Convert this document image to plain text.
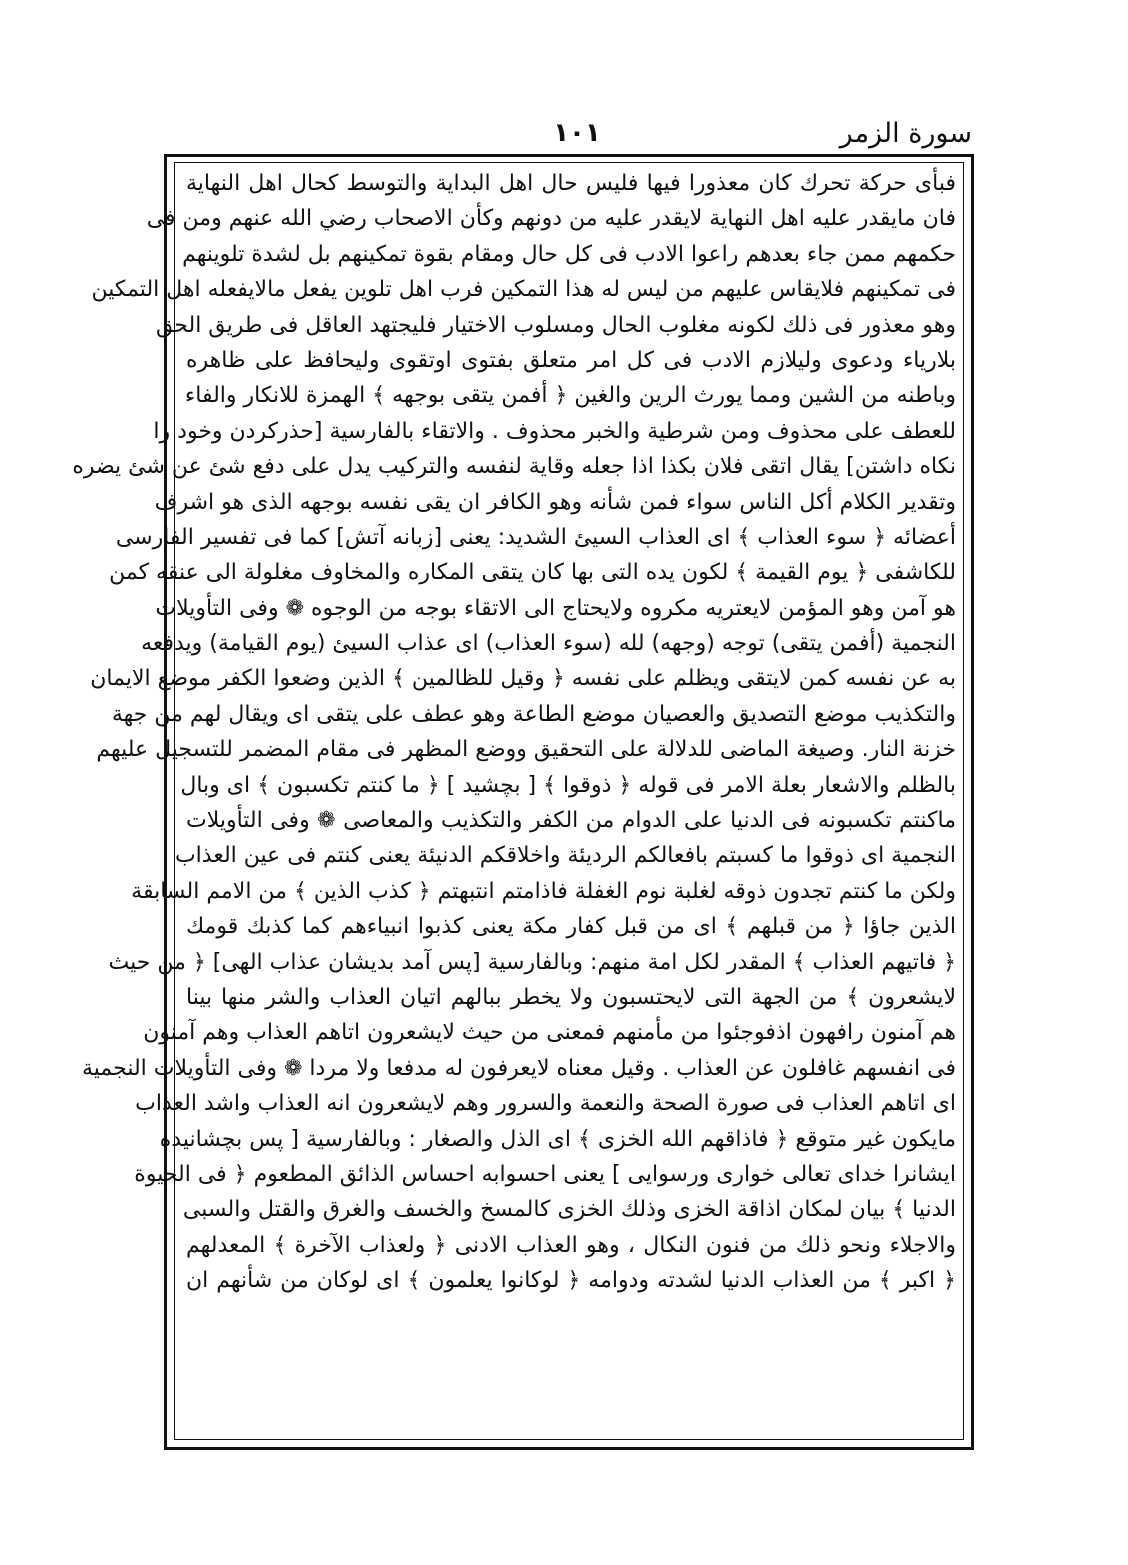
١٠١	سورة الزمر
فبأى حركة تحرك كان معذورا فيها فليس حال اهل البداية والتوسط كحال اهل النهاية
فان مايقدر عليه اهل النهاية لايقدر عليه من دونهم وكأن الاصحاب رضي الله عنهم ومن فى
حكمهم ممن جاء بعدهم راعوا الادب فى كل حال ومقام بقوة تمكينهم بل لشدة تلوينهم
فى تمكينهم فلايقاس عليهم من ليس له هذا التمكين فرب اهل تلوين يفعل مالايفعله اهل التمكين
وهو معذور فى ذلك لكونه مغلوب الحال ومسلوب الاختيار فليجتهد العاقل فى طريق الحق
بلارياء ودعوى وليلازم الادب فى كل امر متعلق بفتوى اوتقوى وليحافظ على ظاهره
وباطنه من الشين ومما يورث الرين والغين ﴿ أفمن يتقى بوجهه ﴾ الهمزة للانكار والفاء
للعطف على محذوف ومن شرطية والخبر محذوف . والاتقاء بالفارسية [حذركردن وخود را
نكاه داشتن] يقال اتقى فلان بكذا اذا جعله وقاية لنفسه والتركيب يدل على دفع شئ عن شئ يضره
وتقدير الكلام أكل الناس سواء فمن شأنه وهو الكافر ان يقى نفسه بوجهه الذى هو اشرف
أعضائه ﴿ سوء العذاب ﴾ اى العذاب السيئ الشديد: يعنى [زبانه آتش] كما فى تفسير الفارسى
للكاشفى ﴿ يوم القيمة ﴾ لكون يده التى بها كان يتقى المكاره والمخاوف مغلولة الى عنقه كمن
هو آمن وهو المؤمن لايعتريه مكروه ولايحتاج الى الاتقاء بوجه من الوجوه ❁ وفى التأويلات
النجمية (أفمن يتقى) توجه (وجهه) لله (سوء العذاب) اى عذاب السيئ (يوم القيامة) ويدفعه
به عن نفسه كمن لايتقى ويظلم على نفسه ﴿ وقيل للظالمين ﴾ الذين وضعوا الكفر موضع الايمان
والتكذيب موضع التصديق والعصيان موضع الطاعة وهو عطف على يتقى اى ويقال لهم من جهة
خزنة النار. وصيغة الماضى للدلالة على التحقيق ووضع المظهر فى مقام المضمر للتسجيل عليهم
بالظلم والاشعار بعلة الامر فى قوله ﴿ ذوقوا ﴾ [ بچشيد ] ﴿ ما كنتم تكسبون ﴾ اى وبال
ماكنتم تكسبونه فى الدنيا على الدوام من الكفر والتكذيب والمعاصى ❁ وفى التأويلات
النجمية اى ذوقوا ما كسبتم بافعالكم الرديئة واخلاقكم الدنيئة يعنى كنتم فى عين العذاب
ولكن ما كنتم تجدون ذوقه لغلبة نوم الغفلة فاذامتم انتبهتم ﴿ كذب الذين ﴾ من الامم السابقة
الذين جاؤا ﴿ من قبلهم ﴾ اى من قبل كفار مكة يعنى كذبوا انبياءهم كما كذبك قومك
﴿ فاتيهم العذاب ﴾ المقدر لكل امة منهم: وبالفارسية [پس آمد بديشان عذاب الهى] ﴿ من حيث
لايشعرون ﴾ من الجهة التى لايحتسبون ولا يخطر ببالهم اتيان العذاب والشر منها بينا
هم آمنون رافهون اذفوجئوا من مأمنهم فمعنى من حيث لايشعرون اتاهم العذاب وهم آمنون
فى انفسهم غافلون عن العذاب . وقيل معناه لايعرفون له مدفعا ولا مردا ❁ وفى التأويلات النجمية
اى اتاهم العذاب فى صورة الصحة والنعمة والسرور وهم لايشعرون انه العذاب واشد العذاب
مايكون غير متوقع ﴿ فاذاقهم الله الخزى ﴾ اى الذل والصغار : وبالفارسية [ پس بچشانيده
ايشانرا خداى تعالى خوارى ورسوايى ] يعنى احسوابه احساس الذائق المطعوم ﴿ فى الحيوة
الدنيا ﴾ بيان لمكان اذاقة الخزى وذلك الخزى كالمسخ والخسف والغرق والقتل والسبى
والاجلاء ونحو ذلك من فنون النكال ، وهو العذاب الادنى ﴿ ولعذاب الآخرة ﴾ المعدلهم
﴿ اكبر ﴾ من العذاب الدنيا لشدته ودوامه ﴿ لوكانوا يعلمون ﴾ اى لوكان من شأنهم ان
